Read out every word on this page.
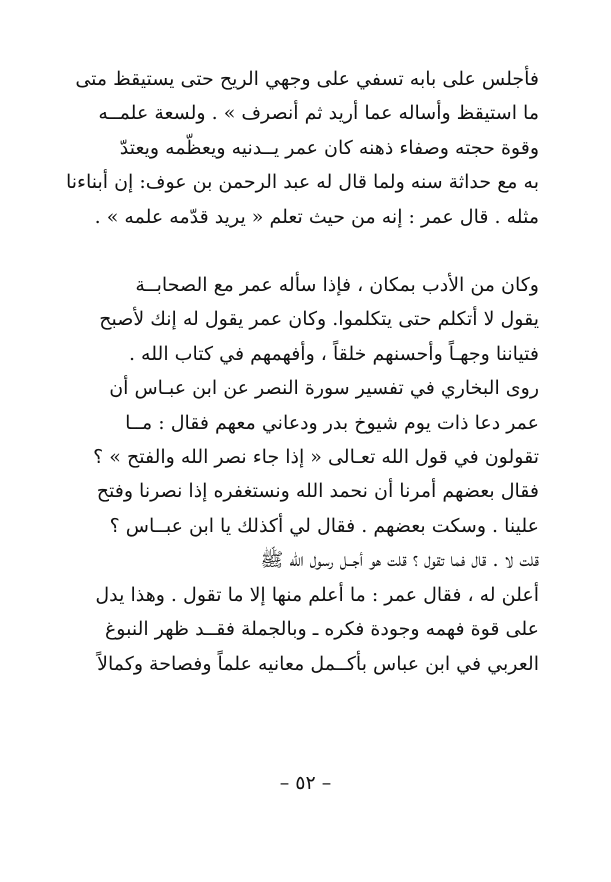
فأجلس على بابه تسفي على وجهي الريح حتى يستيقظ متى
ما استيقظ وأساله عما أريد ثم أنصرف » . ولسعة علمــه
وقوة حجته وصفاء ذهنه كان عمر يــدنيه ويعظّمه ويعتدّ
به مع حداثة سنه ولما قال له عبد الرحمن بن عوف: إن أبناءنا
مثله . قال عمر : إنه من حيث تعلم « يريد قدّمه علمه » .
وكان من الأدب بمكان ، فإذا سأله عمر مع الصحابــة
يقول لا أتكلم حتى يتكلموا. وكان عمر يقول له إنك لأصبح
فتياننا وجهـاً وأحسنهم خلقاً ، وأفهمهم في كتاب الله .
روى البخاري في تفسير سورة النصر عن ابن عبـاس أن
عمر دعا ذات يوم شيوخ بدر ودعاني معهم فقال : مــا
تقولون في قول الله تعـالى « إذا جاء نصر الله والفتح » ؟
فقال بعضهم أمرنا أن نحمد الله ونستغفره إذا نصرنا وفتح
علينا . وسكت بعضهم . فقال لي أكذلك يا ابن عبــاس ؟
قلت لا . قال فما تقول ؟ قلت هو أجــل رسول الله ﷺ
أعلن له ، فقال عمر : ما أعلم منها إلا ما تقول . وهذا يدل
على قوة فهمه وجودة فكره ـ وبالجملة فقــد ظهر النبوغ
العربي في ابن عباس بأكــمل معانيه علماً وفصاحة وكمالاً
– ٥٢ –
